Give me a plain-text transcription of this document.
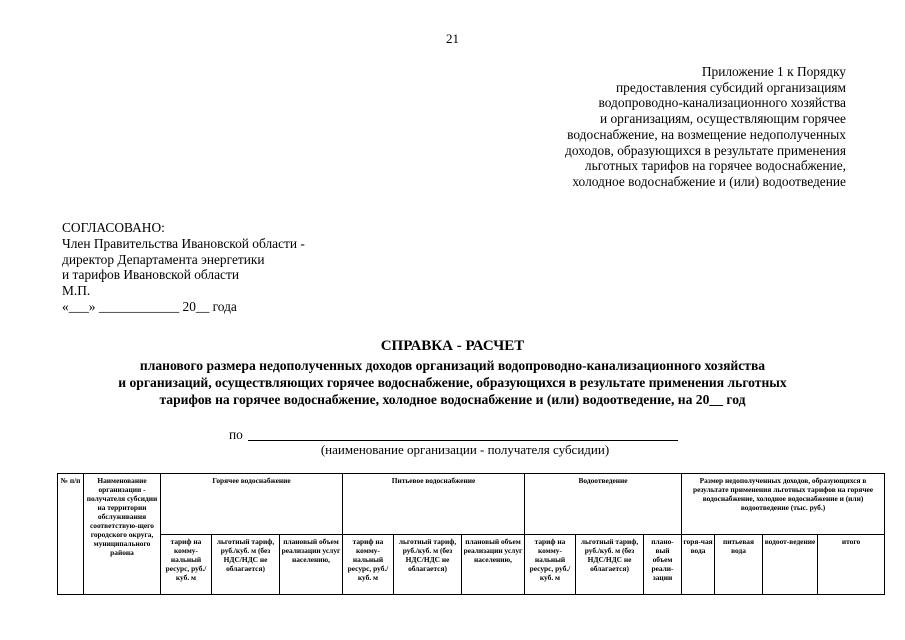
21
Приложение 1 к Порядку
предоставления субсидий организациям
водопроводно-канализационного хозяйства
и организациям, осуществляющим горячее
водоснабжение, на возмещение недополученных
доходов, образующихся в результате применения
льготных тарифов на горячее водоснабжение,
холодное водоснабжение и (или) водоотведение
СОГЛАСОВАНО:
Член Правительства Ивановской области -
директор Департамента энергетики
и тарифов Ивановской области
М.П.
«___» ____________ 20__ года
СПРАВКА - РАСЧЕТ
планового размера недополученных доходов организаций водопроводно-канализационного хозяйства
и организаций, осуществляющих горячее водоснабжение, образующихся в результате применения льготных
тарифов на горячее водоснабжение, холодное водоснабжение и (или) водоотведение, на 20__ год
по
(наименование организации - получателя субсидии)
№ п/п	Наименование организации - получателя субсидии на территории обслуживания соответствую-щего городского округа, муниципального района	Горячее водоснабжение			Питьевое водоснабжение			Водоотведение			Размер недополученных доходов, образующихся в результате применения льготных тарифов на горячее водоснабжение, холодное водоснабжение и (или) водоотведение (тыс. руб.)			
		тариф на комму-нальный ресурс, руб./куб. м	льготный тариф, руб./куб. м (без НДС/НДС не облагается)	плановый объем реализации услуг населению,	тариф на комму-нальный ресурс, руб./куб. м	льготный тариф, руб./куб. м (без НДС/НДС не облагается)	плановый объем реализации услуг населению,	тариф на комму-нальный ресурс, руб./куб. м	льготный тариф, руб./куб. м (без НДС/НДС не облагается)	плано-вый объем реали-зации	горя-чая вода	питьевая вода	водоот-ведение	итого
